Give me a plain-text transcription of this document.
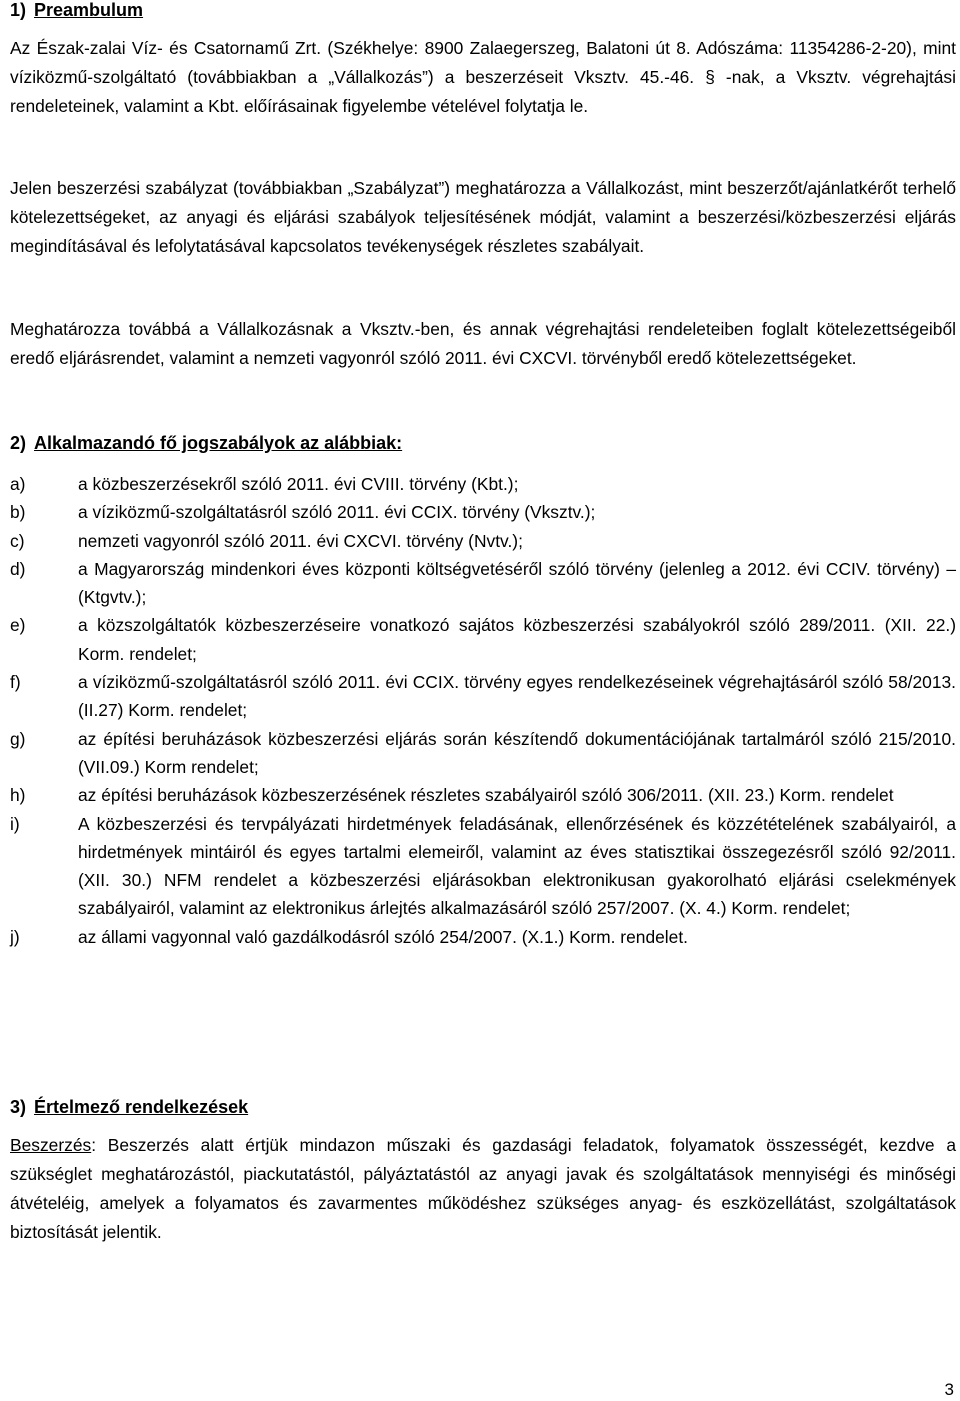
1) Preambulum

Az Észak-zalai Víz- és Csatornamű Zrt. (Székhelye: 8900 Zalaegerszeg, Balatoni út 8. Adószáma: 11354286-2-20), mint víziközmű-szolgáltató (továbbiakban a „Vállalkozás”) a beszerzéseit Vksztv. 45.-46. § -nak, a Vksztv. végrehajtási rendeleteinek, valamint a Kbt. előírásainak figyelembe vételével folytatja le.

Jelen beszerzési szabályzat (továbbiakban „Szabályzat”) meghatározza a Vállalkozást, mint beszerzőt/ajánlatkérőt terhelő kötelezettségeket, az anyagi és eljárási szabályok teljesítésének módját, valamint a beszerzési/közbeszerzési eljárás megindításával és lefolytatásával kapcsolatos tevékenységek részletes szabályait.

Meghatározza továbbá a Vállalkozásnak a Vksztv.-ben, és annak végrehajtási rendeleteiben foglalt kötelezettségeiből eredő eljárásrendet, valamint a nemzeti vagyonról szóló 2011. évi CXCVI. törvényből eredő kötelezettségeket.

2) Alkalmazandó fő jogszabályok az alábbiak:
a)	a közbeszerzésekről szóló 2011. évi CVIII. törvény (Kbt.);
b)	a víziközmű-szolgáltatásról szóló 2011. évi CCIX. törvény (Vksztv.);
c)	nemzeti vagyonról szóló 2011. évi CXCVI. törvény (Nvtv.);
d)	a Magyarország mindenkori éves központi költségvetéséről szóló törvény (jelenleg a 2012. évi CCIV. törvény) – (Ktgvtv.);
e)	a közszolgáltatók közbeszerzéseire vonatkozó sajátos közbeszerzési szabályokról szóló 289/2011. (XII. 22.) Korm. rendelet;
f)	a víziközmű-szolgáltatásról szóló 2011. évi CCIX. törvény egyes rendelkezéseinek végrehajtásáról szóló 58/2013. (II.27) Korm. rendelet;
g)	az építési beruházások közbeszerzési eljárás során készítendő dokumentációjának tartalmáról szóló 215/2010. (VII.09.) Korm rendelet;
h)	az építési beruházások közbeszerzésének részletes szabályairól szóló 306/2011. (XII. 23.) Korm. rendelet
i)	A közbeszerzési és tervpályázati hirdetmények feladásának, ellenőrzésének és közzétételének szabályairól, a hirdetmények mintáiról és egyes tartalmi elemeiről, valamint az éves statisztikai összegezésről szóló 92/2011. (XII. 30.) NFM rendelet a közbeszerzési eljárásokban elektronikusan gyakorolható eljárási cselekmények szabályairól, valamint az elektronikus árlejtés alkalmazásáról szóló 257/2007. (X. 4.) Korm. rendelet;
j)	az állami vagyonnal való gazdálkodásról szóló 254/2007. (X.1.) Korm. rendelet.
3) Értelmező rendelkezések

Beszerzés: Beszerzés alatt értjük mindazon műszaki és gazdasági feladatok, folyamatok összességét, kezdve a szükséglet meghatározástól, piackutatástól, pályáztatástól az anyagi javak és szolgáltatások mennyiségi és minőségi átvételéig, amelyek a folyamatos és zavarmentes működéshez szükséges anyag- és eszközellátást, szolgáltatások biztosítását jelentik.

3
